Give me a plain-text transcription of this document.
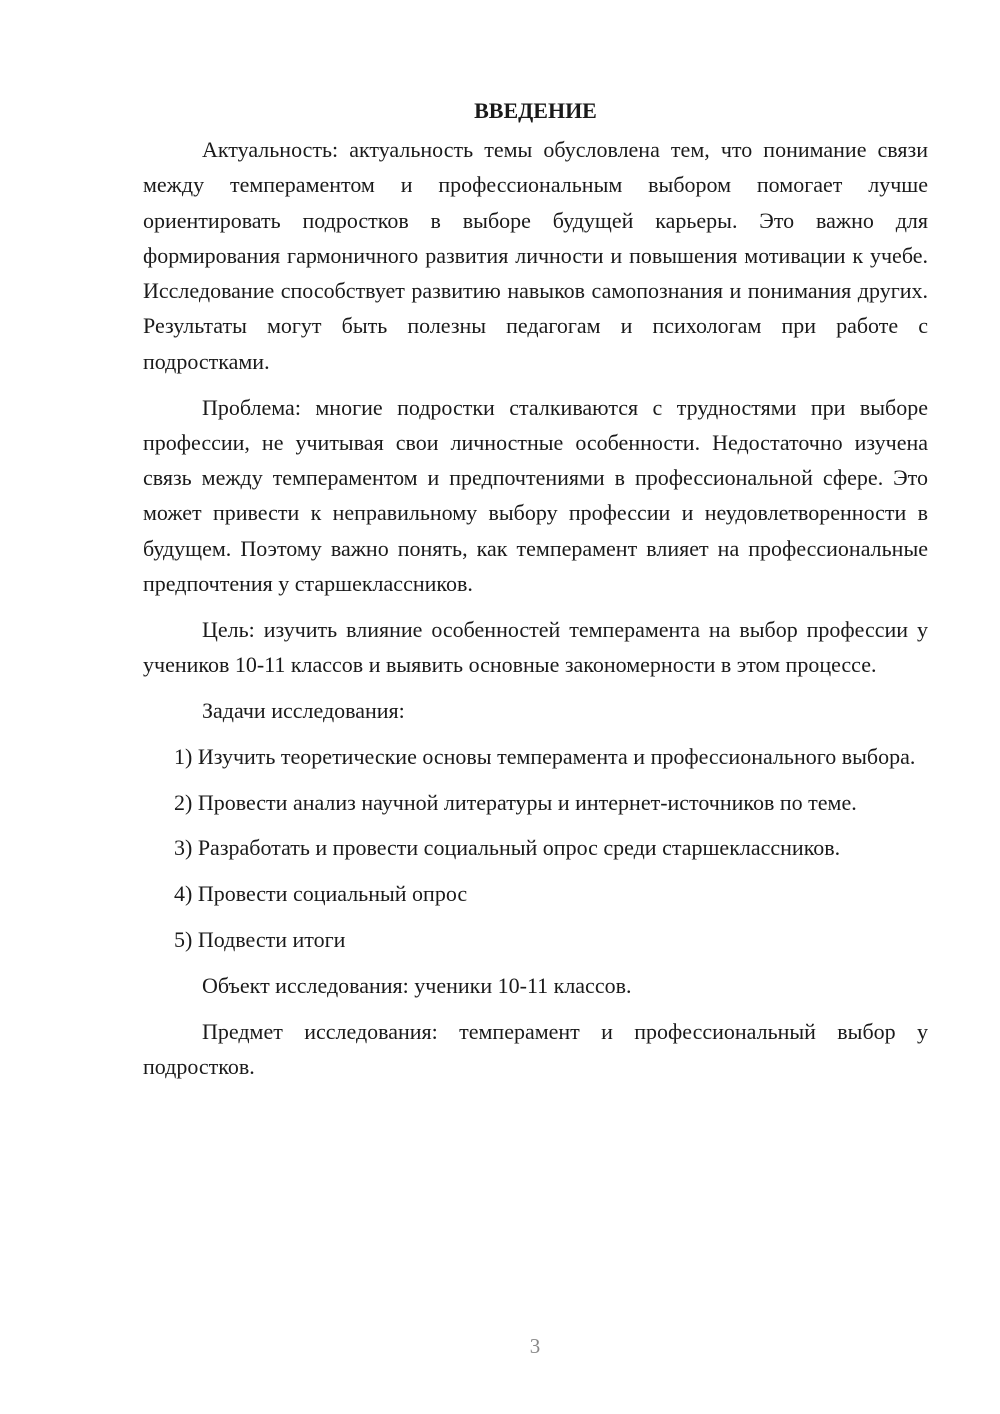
ВВЕДЕНИЕ

Актуальность: актуальность темы обусловлена тем, что понимание связи между темпераментом и профессиональным выбором помогает лучше ориентировать подростков в выборе будущей карьеры. Это важно для формирования гармоничного развития личности и повышения мотивации к учебе. Исследование способствует развитию навыков самопознания и понимания других. Результаты могут быть полезны педагогам и психологам при работе с подростками.

Проблема: многие подростки сталкиваются с трудностями при выборе профессии, не учитывая свои личностные особенности. Недостаточно изучена связь между темпераментом и предпочтениями в профессиональной сфере. Это может привести к неправильному выбору профессии и неудовлетворенности в будущем. Поэтому важно понять, как темперамент влияет на профессиональные предпочтения у старшеклассников.

Цель: изучить влияние особенностей темперамента на выбор профессии у учеников 10-11 классов и выявить основные закономерности в этом процессе.

Задачи исследования:

1) Изучить теоретические основы темперамента и профессионального выбора.

2) Провести анализ научной литературы и интернет-источников по теме.

3) Разработать и провести социальный опрос среди старшеклассников.

4) Провести социальный опрос

5) Подвести итоги

Объект исследования: ученики 10-11 классов.

Предмет исследования: темперамент и профессиональный выбор у подростков.

3
